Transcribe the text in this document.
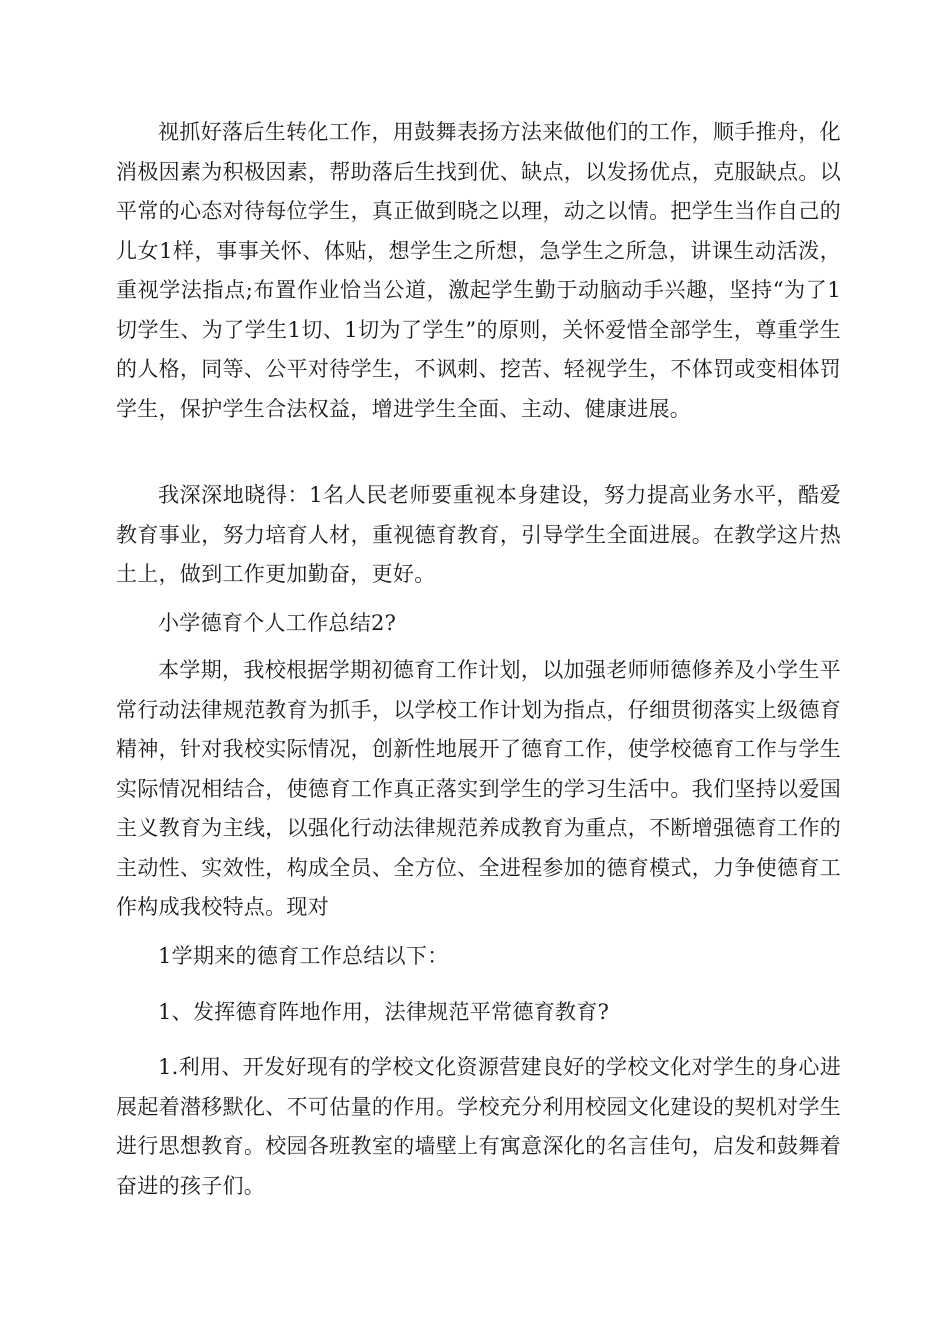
视抓好落后生转化工作，用鼓舞表扬方法来做他们的工作，顺手推舟，化消极因素为积极因素，帮助落后生找到优、缺点，以发扬优点，克服缺点。以平常的心态对待每位学生，真正做到晓之以理，动之以情。把学生当作自己的儿女1样，事事关怀、体贴，想学生之所想，急学生之所急，讲课生动活泼，重视学法指点;布置作业恰当公道，激起学生勤于动脑动手兴趣，坚持“为了1切学生、为了学生1切、1切为了学生”的原则，关怀爱惜全部学生，尊重学生的人格，同等、公平对待学生，不讽刺、挖苦、轻视学生，不体罚或变相体罚学生，保护学生合法权益，增进学生全面、主动、健康进展。

我深深地晓得：1名人民老师要重视本身建设，努力提高业务水平，酷爱教育事业，努力培育人材，重视德育教育，引导学生全面进展。在教学这片热土上，做到工作更加勤奋，更好。

小学德育个人工作总结2?

本学期，我校根据学期初德育工作计划，以加强老师师德修养及小学生平常行动法律规范教育为抓手，以学校工作计划为指点，仔细贯彻落实上级德育精神，针对我校实际情况，创新性地展开了德育工作，使学校德育工作与学生实际情况相结合，使德育工作真正落实到学生的学习生活中。我们坚持以爱国主义教育为主线，以强化行动法律规范养成教育为重点，不断增强德育工作的主动性、实效性，构成全员、全方位、全进程参加的德育模式，力争使德育工作构成我校特点。现对

1学期来的德育工作总结以下：

1、发挥德育阵地作用，法律规范平常德育教育?

1.利用、开发好现有的学校文化资源营建良好的学校文化对学生的身心进展起着潜移默化、不可估量的作用。学校充分利用校园文化建设的契机对学生进行思想教育。校园各班教室的墙壁上有寓意深化的名言佳句，启发和鼓舞着奋进的孩子们。
